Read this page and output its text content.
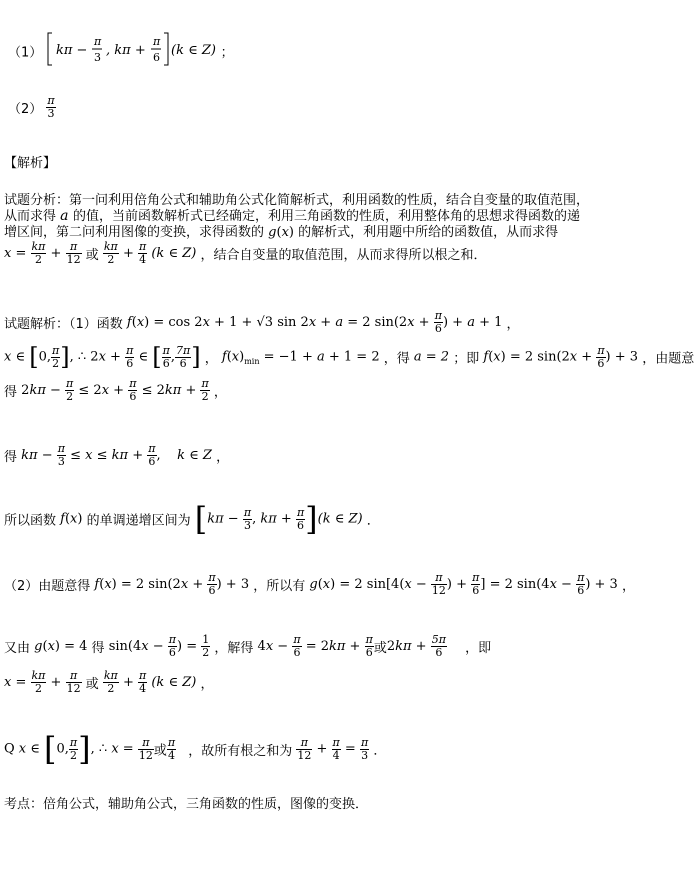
（1） kπ −
π
3 , kπ +
π
6 (k ∈ Z) ；
$(2) \frac{\pi}{3}$
【解析】
试题分析：第一问利用倍角公式和辅助角公式化简解析式，利用函数的性质，结合自变量的取值范围，
从而求得 a 的值，当前函数解析式已经确定，利用三角函数的性质，利用整体角的思想求得函数的递
增区间，第二问利用图像的变换，求得函数的 g(x) 的解析式，利用题中所给的函数值，从而求得
$x = \frac{k\pi}{2} + \frac{\pi}{12}$ 或 $\frac{k\pi}{2} + \frac{\pi}{4} (k$ ∈ Z) ，结合自变量的取值范围，从而求得所以根之和．
试题解析：（1）函数 f(x) = cos 2x + 1 + √3 sin 2x + a = 2 $\sin(2x + \frac{\pi}{6}$ ) + a + 1 ，
x ∈ [0, $\frac{\pi}{2}$ ], ∴ $2x + \frac{\pi}{6}$ ∈ [ $\frac{\pi}{6}$ , $\frac{7\pi}{6}$ ] ， $f(x)_{min} = -1 + a + 1 = 2$ ，得 a = 2 ；即 f(x) = 2 $\sin(2x + \frac{\pi}{6}$ ) + 3 ，由题意
得 $2k\pi - \frac{\pi}{2} \le 2x + \frac{\pi}{6} \le 2k\pi + \frac{\pi}{2}$ ，
得 $k\pi - \frac{\pi}{3} \le x \le k\pi + \frac{\pi}{6}$ ,    k ∈ Z ，
所以函数 f(x) 的单调递增区间为 [$k\pi - \frac{\pi}{3}$ , $k\pi + \frac{\pi}{6} ](k$ ∈ Z) ．
（2）由题意得 f(x) = 2 $\sin(2x + \frac{\pi}{6}$ ) + 3 ，所以有 g(x) = 2 $\sin[4(x - \frac{\pi}{12}$ ) + $\frac{\pi}{6}$ ] = 2 $\sin(4x - \frac{\pi}{6}$ ) + 3 ，
又由 g(x) = 4 得 $\sin(4x - \frac{\pi}{6}$ ) = $\frac{1}{2}$ ，解得 $4x - \frac{\pi}{6} = 2k\pi + \frac{\pi}{6}$ 或$2k\pi + \frac{5\pi}{6}$ ，即
$x = \frac{k\pi}{2} + \frac{\pi}{12}$ 或 $\frac{k\pi}{2} + \frac{\pi}{4} (k$ ∈ Z) ，
Q x ∈ [0, $\frac{\pi}{2}$ ], ∴ $x = \frac{\pi}{12}$ 或 $\frac{\pi}{4}$ ，故所有根之和为 $\frac{\pi}{12} + \frac{\pi}{4} = \frac{\pi}{3}$ ．
考点：倍角公式，辅助角公式，三角函数的性质，图像的变换．
